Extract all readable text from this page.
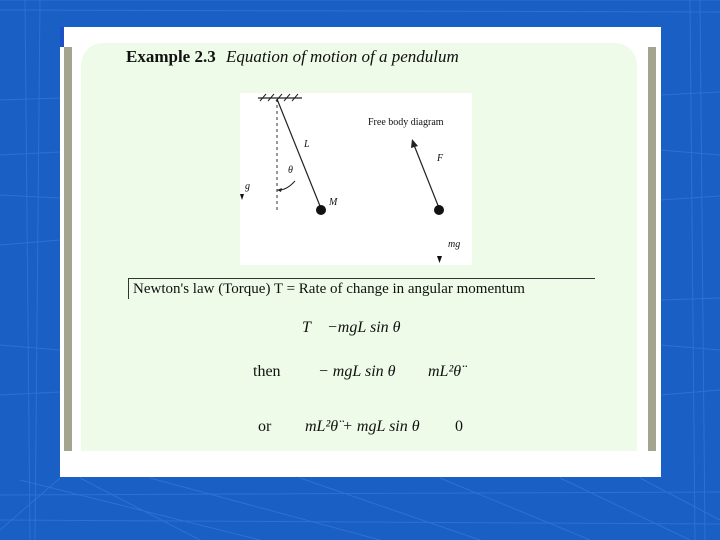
Example 2.3 Equation of motion of a pendulum
L
θ
g
M
Free body diagram
F
mg
Newton's law (Torque) T = Rate of change in angular momentum
T −mgL sin θ
then − mgL sin θ mL²θ̈
or mL²θ̈ + mgL sin θ 0
